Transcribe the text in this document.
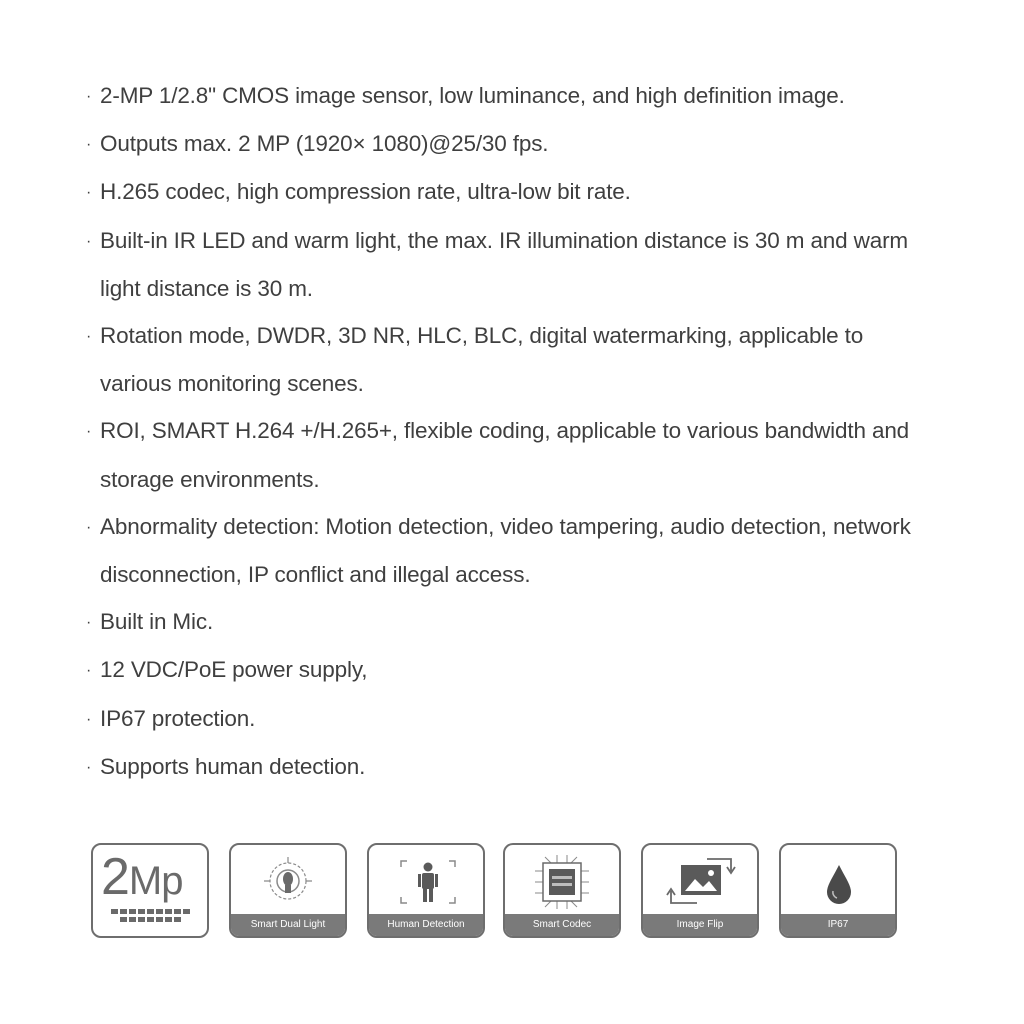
· 2-MP 1/2.8" CMOS image sensor, low luminance, and high definition image.
· Outputs max. 2 MP (1920× 1080)@25/30 fps.
· H.265 codec, high compression rate, ultra-low bit rate.
· Built-in IR LED and warm light, the max. IR illumination distance is 30 m and warm light distance is 30 m.
· Rotation mode, DWDR, 3D NR, HLC, BLC, digital watermarking, applicable to various monitoring scenes.
· ROI, SMART H.264 +/H.265+, flexible coding, applicable to various bandwidth and storage environments.
· Abnormality detection: Motion detection, video tampering, audio detection, network disconnection, IP conflict and illegal access.
· Built in Mic.
· 12 VDC/PoE power supply,
· IP67 protection.
· Supports human detection.
2Mp
Smart Dual Light	Human Detection	Smart Codec	Image Flip	IP67
